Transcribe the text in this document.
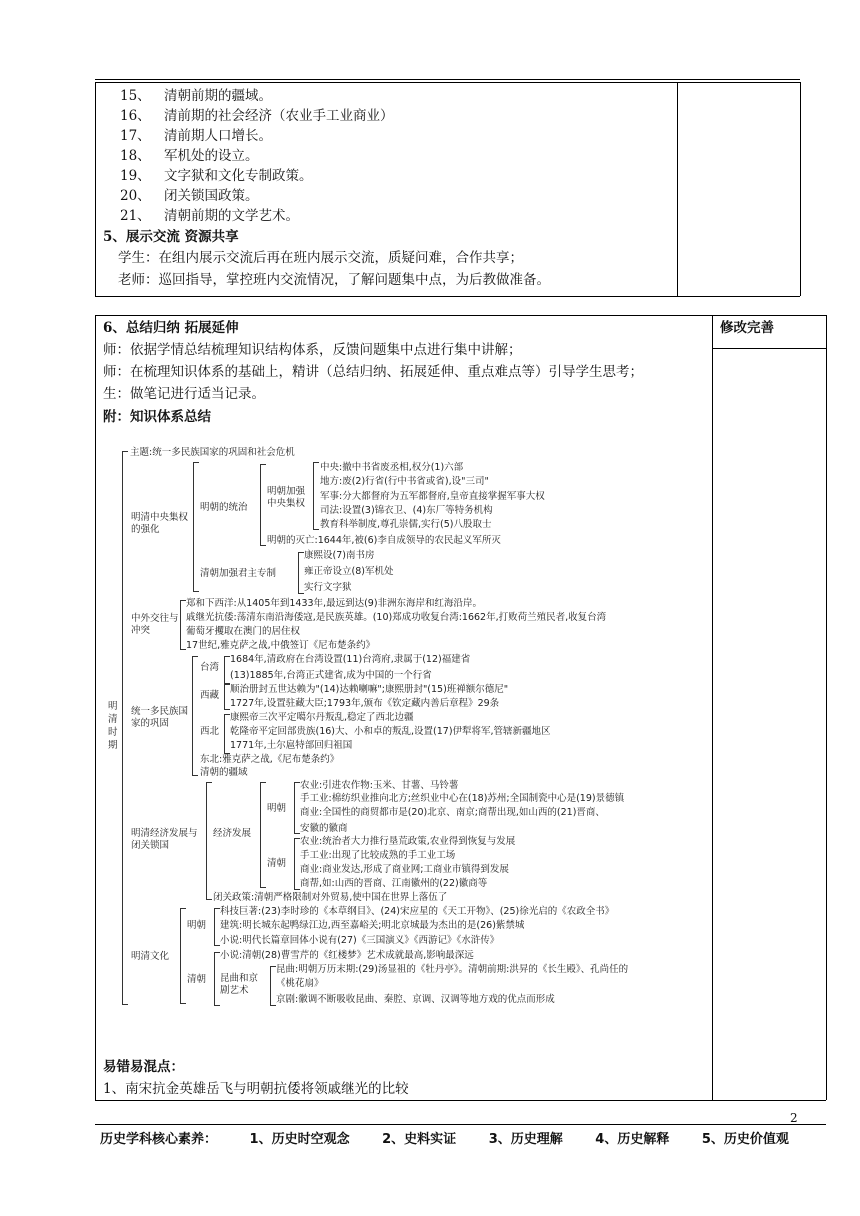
15、 清朝前期的疆域。
16、 清前期的社会经济（农业手工业商业）
17、 清前期人口增长。
18、 军机处的设立。
19、 文字狱和文化专制政策。
20、 闭关锁国政策。
21、 清朝前期的文学艺术。
5、展示交流 资源共享
学生：在组内展示交流后再在班内展示交流，质疑问难，合作共享；
老师：巡回指导，掌控班内交流情况，了解问题集中点，为后教做准备。
6、总结归纳 拓展延伸	修改完善
师：依据学情总结梳理知识结构体系，反馈问题集中点进行集中讲解；
师：在梳理知识体系的基础上，精讲（总结归纳、拓展延伸、重点难点等）引导学生思考；
生：做笔记进行适当记录。
附：知识体系总结
明清时期
主题:统一多民族国家的巩固和社会危机
明清中央集权的强化
明朝的统治
明朝加强中央集权
中央:撤中书省废丞相,权分(1)六部
地方:废(2)行省(行中书省或省),设"三司"
军事:分大都督府为五军都督府,皇帝直接掌握军事大权
司法:设置(3)锦衣卫、(4)东厂等特务机构
教育科举制度,尊孔崇儒,实行(5)八股取士
明朝的灭亡:1644年,被(6)李自成领导的农民起义军所灭
清朝加强君主专制
康熙设(7)南书房
雍正帝设立(8)军机处
实行文字狱
中外交往与冲突
郑和下西洋:从1405年到1433年,最远到达(9)非洲东海岸和红海沿岸。
戚继光抗倭:荡清东南沿海倭寇,是民族英雄。(10)郑成功收复台湾:1662年,打败荷兰殖民者,收复台湾
葡萄牙攫取在澳门的居住权
17世纪,雅克萨之战,中俄签订《尼布楚条约》
统一多民族国家的巩固
台湾
1684年,清政府在台湾设置(11)台湾府,隶属于(12)福建省
(13)1885年,台湾正式建省,成为中国的一个行省
西藏
顺治册封五世达赖为"(14)达赖喇嘛";康熙册封"(15)班禅额尔德尼"
1727年,设置驻藏大臣;1793年,颁布《钦定藏内善后章程》29条
西北
康熙帝三次平定噶尔丹叛乱,稳定了西北边疆
乾隆帝平定回部贵族(16)大、小和卓的叛乱,设置(17)伊犁将军,管辖新疆地区
1771年,土尔扈特部回归祖国
东北:雅克萨之战,《尼布楚条约》
清朝的疆域
明清经济发展与闭关锁国
经济发展
明朝
农业:引进农作物:玉米、甘薯、马铃薯
手工业:棉纺织业推向北方;丝织业中心在(18)苏州;全国制瓷中心是(19)景德镇
商业:全国性的商贸都市是(20)北京、南京;商帮出现,如山西的(21)晋商、
安徽的徽商
清朝
农业:统治者大力推行垦荒政策,农业得到恢复与发展
手工业:出现了比较成熟的手工业工场
商业:商业发达,形成了商业网;工商业市镇得到发展
商帮,如:山西的晋商、江南徽州的(22)徽商等
闭关政策:清朝严格限制对外贸易,使中国在世界上落伍了
明清文化
明朝
科技巨著:(23)李时珍的《本草纲目》、(24)宋应星的《天工开物》、(25)徐光启的《农政全书》
建筑:明长城东起鸭绿江边,西至嘉峪关;明北京城最为杰出的是(26)紫禁城
小说:明代长篇章回体小说有(27)《三国演义》《西游记》《水浒传》
清朝
小说:清朝(28)曹雪芹的《红楼梦》艺术成就最高,影响最深远
昆曲和京剧艺术
昆曲:明朝万历末期:(29)汤显祖的《牡丹亭》。清朝前期:洪昇的《长生殿》、孔尚任的
《桃花扇》
京剧:徽调不断吸收昆曲、秦腔、京调、汉调等地方戏的优点而形成
易错易混点：
1、南宋抗金英雄岳飞与明朝抗倭将领戚继光的比较
2
历史学科核心素养：	1、历史时空观念	2、史料实证	3、历史理解	4、历史解释	5、历史价值观
